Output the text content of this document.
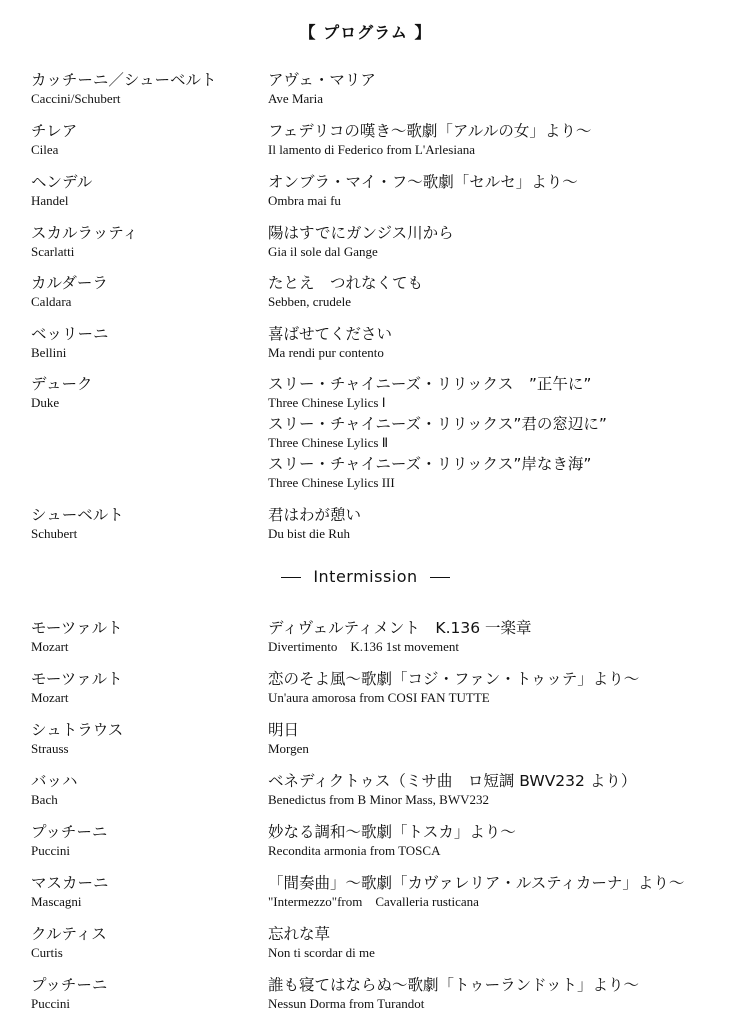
【 プログラム 】
カッチーニ／シューベルト
Caccini/Schubert
アヴェ・マリア
Ave Maria
チレア
Cilea
フェデリコの嘆き〜歌劇「アルルの女」より〜
Il lamento di Federico from L'Arlesiana
ヘンデル
Handel
オンブラ・マイ・フ〜歌劇「セルセ」より〜
Ombra mai fu
スカルラッティ
Scarlatti
陽はすでにガンジス川から
Gia il sole dal Gange
カルダーラ
Caldara
たとえ　つれなくても
Sebben, crudele
ベッリーニ
Bellini
喜ばせてください
Ma rendi pur contento
デューク
Duke
スリー・チャイニーズ・リリックス　”正午に”
Three Chinese Lylics Ⅰ
スリー・チャイニーズ・リリックス”君の窓辺に”
Three Chinese Lylics Ⅱ
スリー・チャイニーズ・リリックス”岸なき海”
Three Chinese Lylics III
シューベルト
Schubert
君はわが憩い
Du bist die Ruh
Intermission
モーツァルト
Mozart
ディヴェルティメント　K.136 一楽章
Divertimento　K.136 1st movement
モーツァルト
Mozart
恋のそよ風〜歌劇「コジ・ファン・トゥッテ」より〜
Un'aura amorosa from COSI FAN TUTTE
シュトラウス
Strauss
明日
Morgen
バッハ
Bach
ベネディクトゥス（ミサ曲　ロ短調 BWV232 より）
Benedictus from B Minor Mass, BWV232
プッチーニ
Puccini
妙なる調和〜歌劇「トスカ」より〜
Recondita armonia from TOSCA
マスカーニ
Mascagni
「間奏曲」〜歌劇「カヴァレリア・ルスティカーナ」より〜
"Intermezzo"from　Cavalleria rusticana
クルティス
Curtis
忘れな草
Non ti scordar di me
プッチーニ
Puccini
誰も寝てはならぬ〜歌劇「トゥーランドット」より〜
Nessun Dorma from Turandot
